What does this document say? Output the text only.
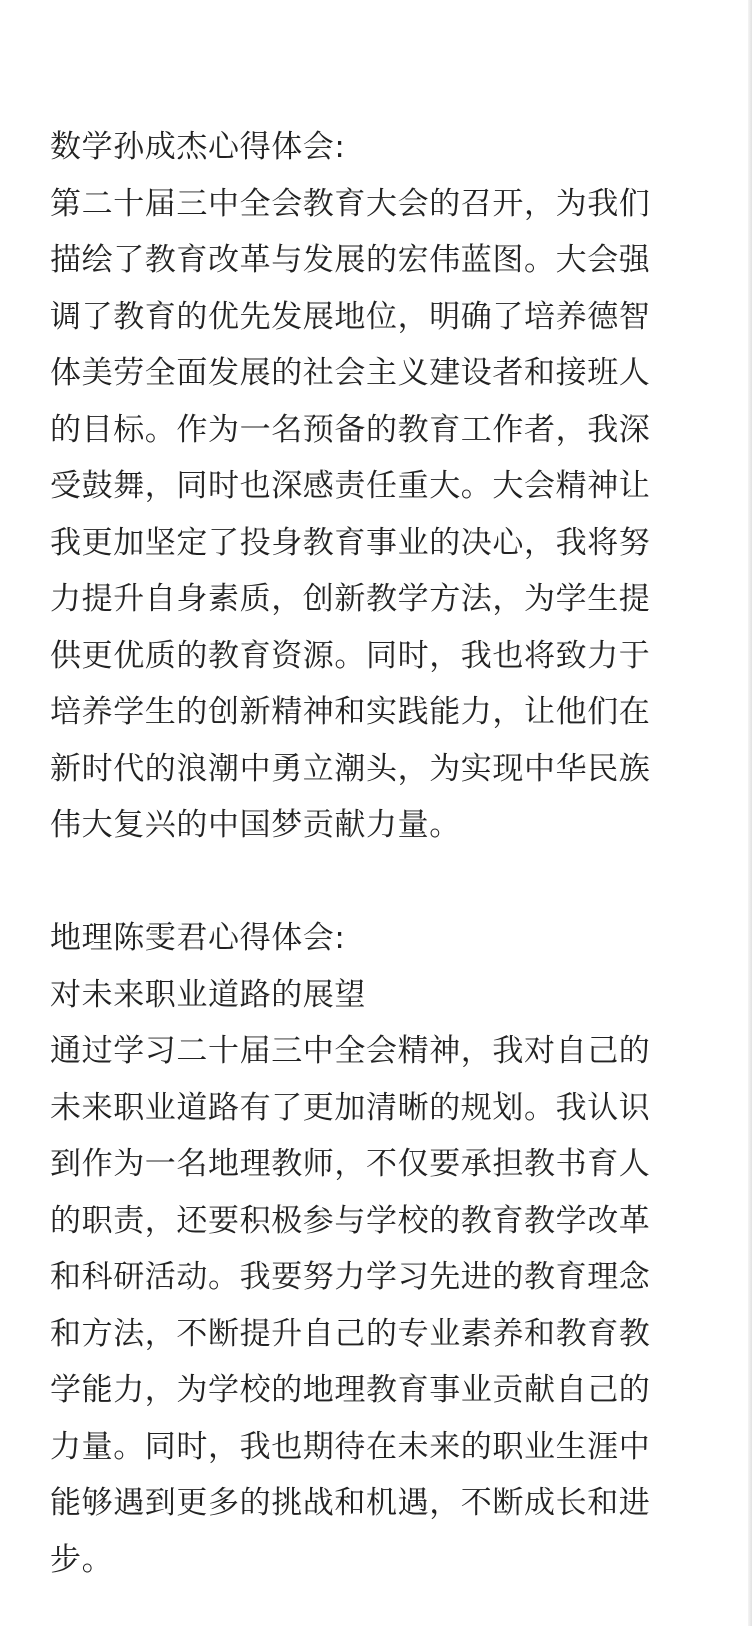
数学孙成杰心得体会:
第二十届三中全会教育大会的召开，为我们
描绘了教育改革与发展的宏伟蓝图。大会强
调了教育的优先发展地位，明确了培养德智
体美劳全面发展的社会主义建设者和接班人
的目标。作为一名预备的教育工作者，我深
受鼓舞，同时也深感责任重大。大会精神让
我更加坚定了投身教育事业的决心，我将努
力提升自身素质，创新教学方法，为学生提
供更优质的教育资源。同时，我也将致力于
培养学生的创新精神和实践能力，让他们在
新时代的浪潮中勇立潮头，为实现中华民族
伟大复兴的中国梦贡献力量。
地理陈雯君心得体会:
对未来职业道路的展望
通过学习二十届三中全会精神，我对自己的
未来职业道路有了更加清晰的规划。我认识
到作为一名地理教师，不仅要承担教书育人
的职责，还要积极参与学校的教育教学改革
和科研活动。我要努力学习先进的教育理念
和方法，不断提升自己的专业素养和教育教
学能力，为学校的地理教育事业贡献自己的
力量。同时，我也期待在未来的职业生涯中
能够遇到更多的挑战和机遇，不断成长和进
步。
